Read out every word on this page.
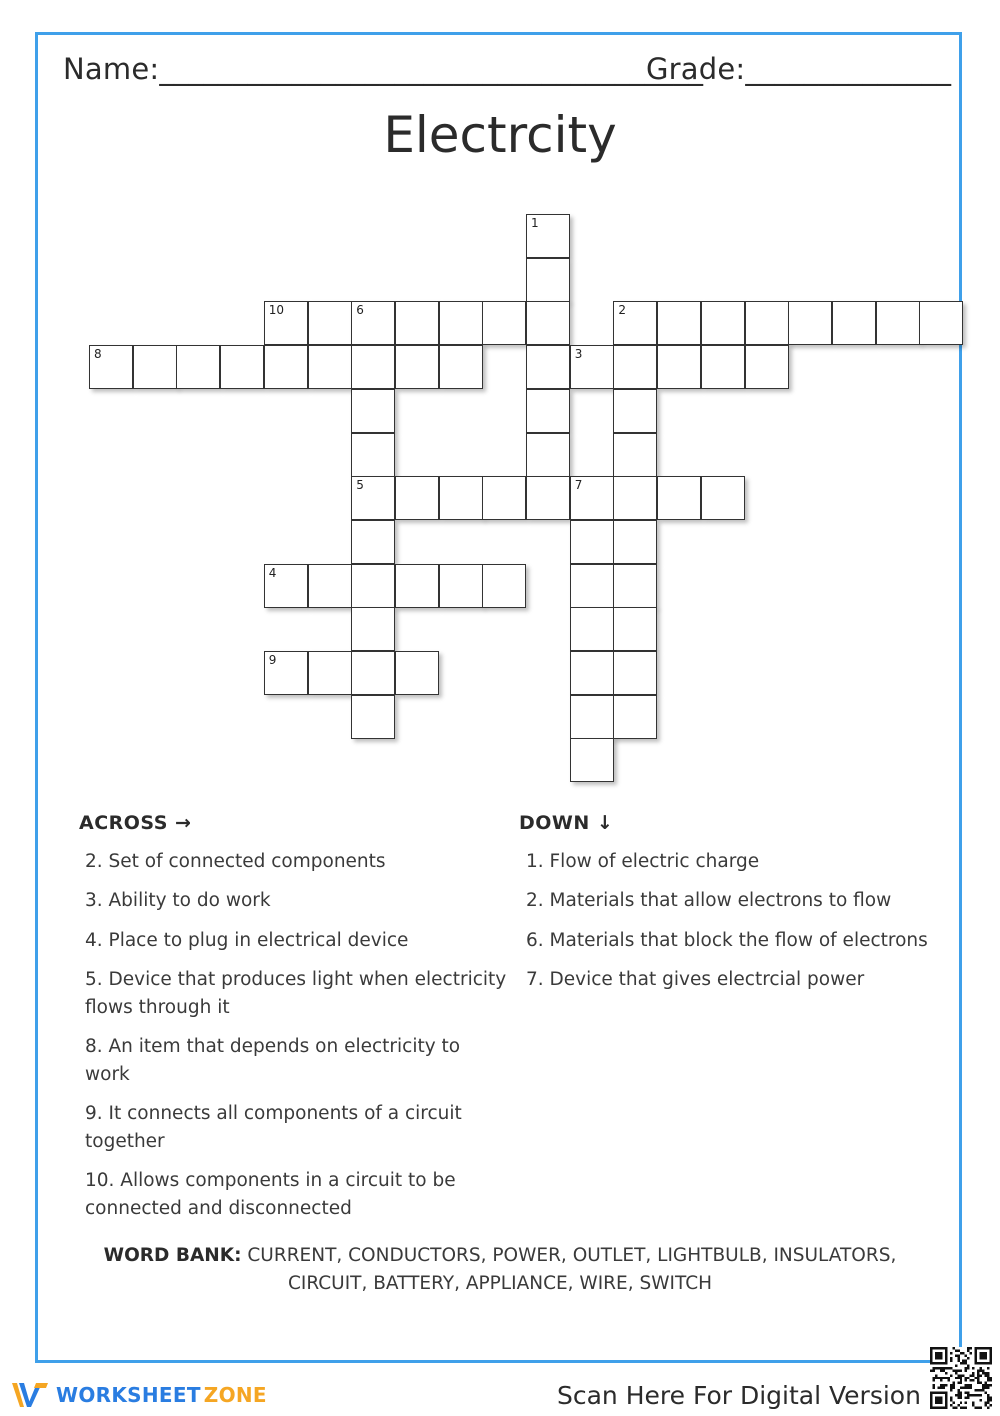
Name:_____________________________________
Grade:______________
Electrcity
1
10	6	2
8	3
5	7
4
9
ACROSS →	DOWN ↓
2. Set of connected components
3. Ability to do work
4. Place to plug in electrical device
5. Device that produces light when electricity
flows through it
8. An item that depends on electricity to
work
9. It connects all components of a circuit
together
10. Allows components in a circuit to be
connected and disconnected
1. Flow of electric charge
2. Materials that allow electrons to flow
6. Materials that block the flow of electrons
7. Device that gives electrcial power
WORD BANK: CURRENT, CONDUCTORS, POWER, OUTLET, LIGHTBULB, INSULATORS,
CIRCUIT, BATTERY, APPLIANCE, WIRE, SWITCH
WORKSHEET ZONE	Scan Here For Digital Version
